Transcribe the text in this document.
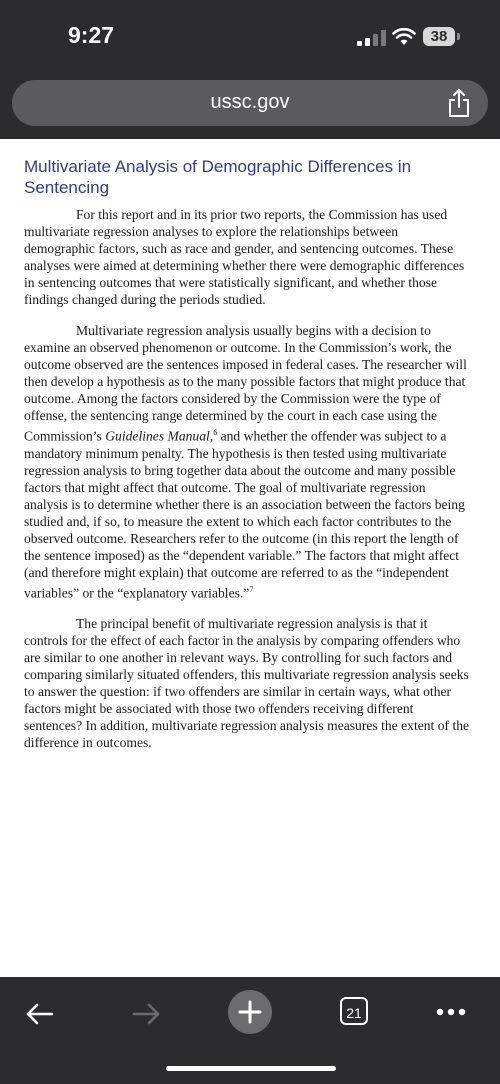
9:27	38
ussc.gov
Multivariate Analysis of Demographic Differences in Sentencing

For this report and in its prior two reports, the Commission has used multivariate regression analyses to explore the relationships between demographic factors, such as race and gender, and sentencing outcomes. These analyses were aimed at determining whether there were demographic differences in sentencing outcomes that were statistically significant, and whether those findings changed during the periods studied.

Multivariate regression analysis usually begins with a decision to examine an observed phenomenon or outcome. In the Commission’s work, the outcome observed are the sentences imposed in federal cases. The researcher will then develop a hypothesis as to the many possible factors that might produce that outcome. Among the factors considered by the Commission were the type of offense, the sentencing range determined by the court in each case using the Commission’s Guidelines Manual,$^6$ and whether the offender was subject to a mandatory minimum penalty. The hypothesis is then tested using multivariate regression analysis to bring together data about the outcome and many possible factors that might affect that outcome. The goal of multivariate regression analysis is to determine whether there is an association between the factors being studied and, if so, to measure the extent to which each factor contributes to the observed outcome. Researchers refer to the outcome (in this report the length of the sentence imposed) as the “dependent variable.” The factors that might affect (and therefore might explain) that outcome are referred to as the “independent variables” or the “explanatory variables.”$^7$

The principal benefit of multivariate regression analysis is that it controls for the effect of each factor in the analysis by comparing offenders who are similar to one another in relevant ways. By controlling for such factors and comparing similarly situated offenders, this multivariate regression analysis seeks to answer the question: if two offenders are similar in certain ways, what other factors might be associated with those two offenders receiving different sentences? In addition, multivariate regression analysis measures the extent of the difference in outcomes.

21
